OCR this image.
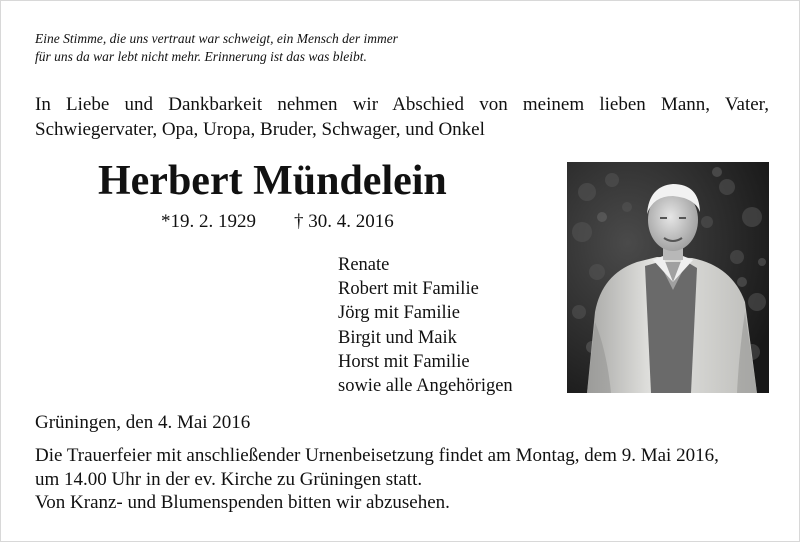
Eine Stimme, die uns vertraut war schweigt, ein Mensch der immer
für uns da war lebt nicht mehr. Erinnerung ist das was bleibt.
In Liebe und Dankbarkeit nehmen wir Abschied von meinem lieben Mann, Vater,
Schwiegervater, Opa, Uropa, Bruder, Schwager, und Onkel
Herbert Mündelein
*19. 2. 1929 † 30. 4. 2016
Renate
Robert mit Familie
Jörg mit Familie
Birgit und Maik
Horst mit Familie
sowie alle Angehörigen
Grüningen, den 4. Mai 2016
Die Trauerfeier mit anschließender Urnenbeisetzung findet am Montag, dem 9. Mai 2016,
um 14.00 Uhr in der ev. Kirche zu Grüningen statt.
Von Kranz- und Blumenspenden bitten wir abzusehen.
